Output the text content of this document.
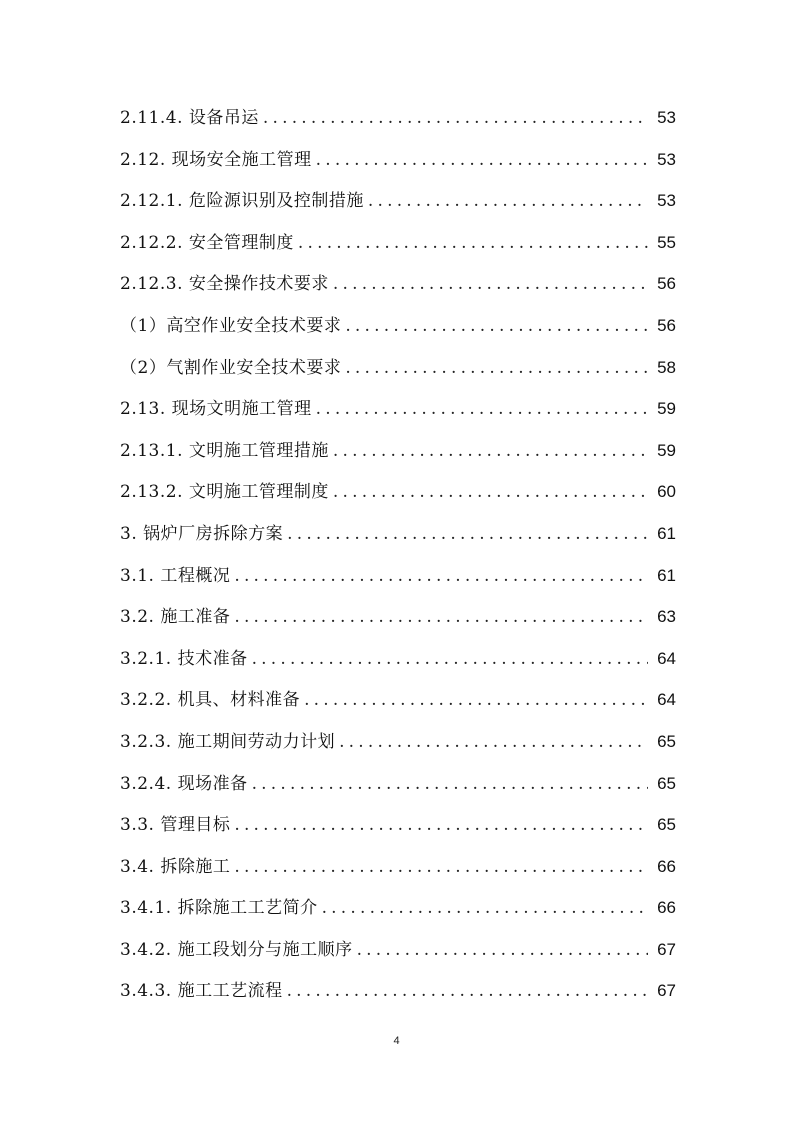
2.11.4. 设备吊运 .....	53
2.12. 现场安全施工管理 .....	53
2.12.1. 危险源识别及控制措施 .....	53
2.12.2. 安全管理制度 .....	55
2.12.3. 安全操作技术要求 .....	56
（1）高空作业安全技术要求 .....	56
（2）气割作业安全技术要求 .....	58
2.13. 现场文明施工管理 .....	59
2.13.1. 文明施工管理措施 .....	59
2.13.2. 文明施工管理制度 .....	60
3. 锅炉厂房拆除方案 .....	61
3.1. 工程概况 .....	61
3.2. 施工准备 .....	63
3.2.1. 技术准备 .....	64
3.2.2. 机具、材料准备 .....	64
3.2.3. 施工期间劳动力计划 .....	65
3.2.4. 现场准备 .....	65
3.3. 管理目标 .....	65
3.4. 拆除施工 .....	66
3.4.1. 拆除施工工艺简介 .....	66
3.4.2. 施工段划分与施工顺序 .....	67
3.4.3. 施工工艺流程 .....	67
4
